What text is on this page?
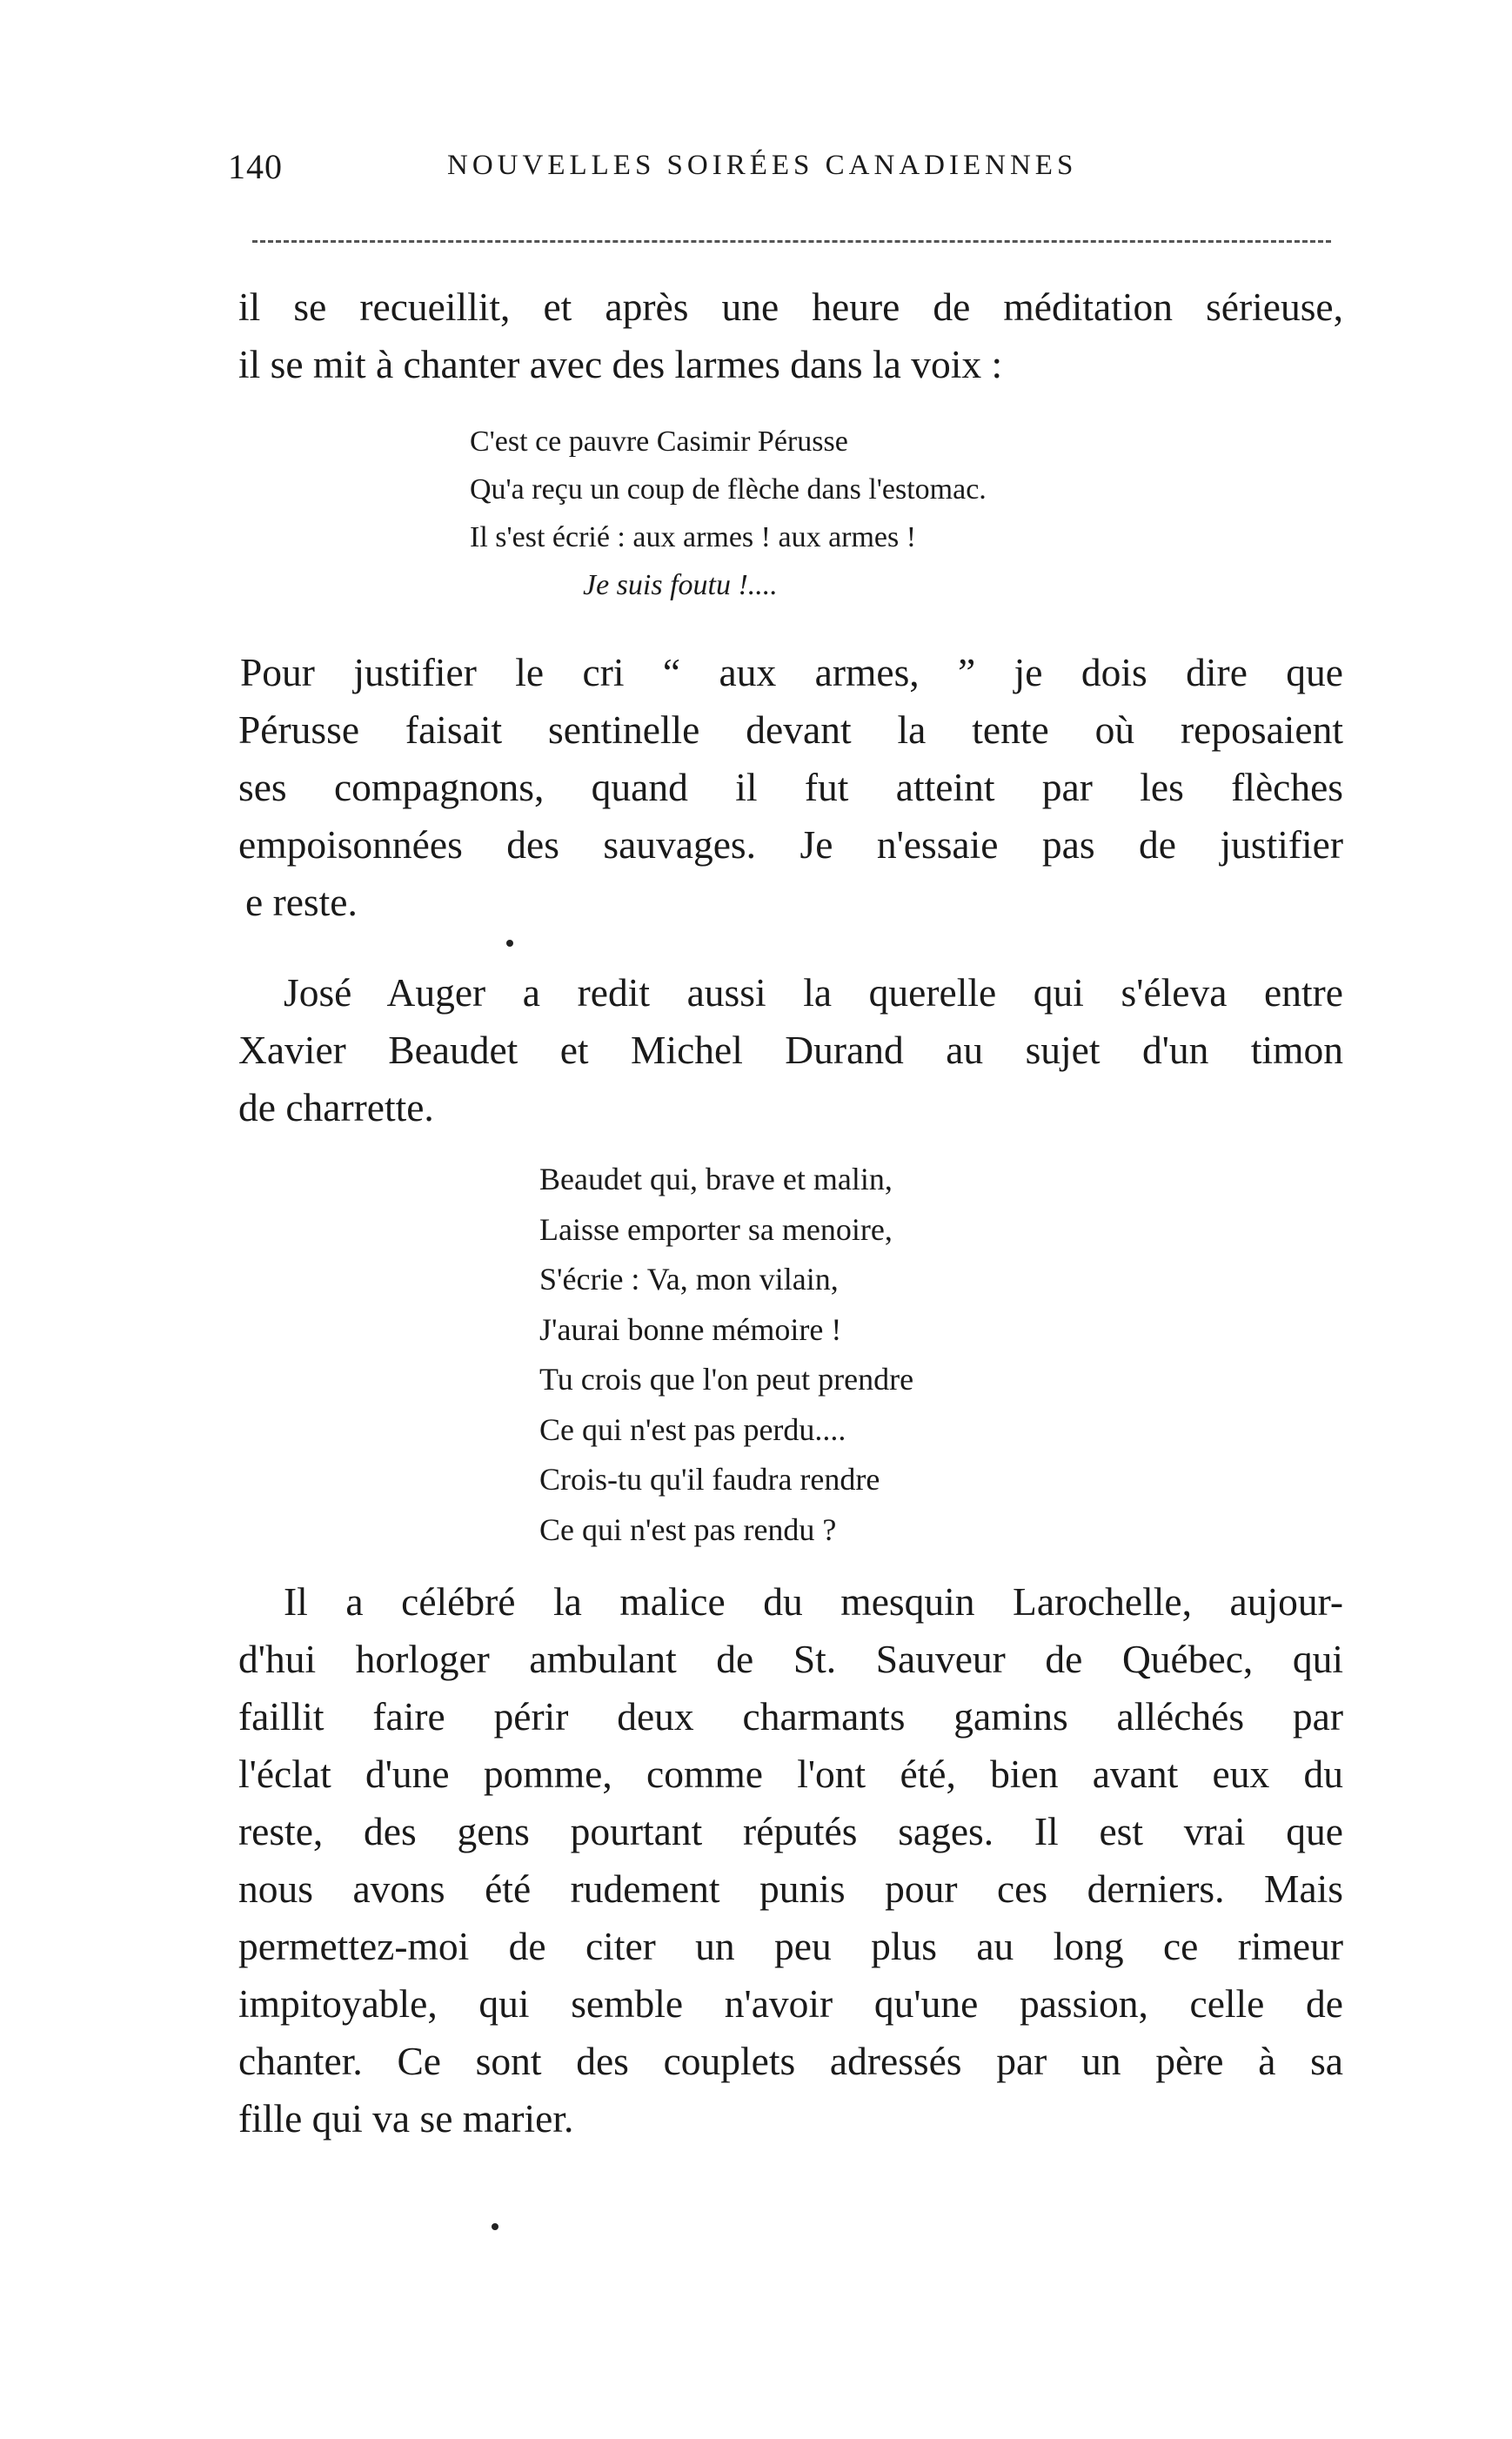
140	NOUVELLES SOIRÉES CANADIENNES
il se recueillit, et après une heure de méditation sérieuse,
il se mit à chanter avec des larmes dans la voix :
C'est ce pauvre Casimir Pérusse
Qu'a reçu un coup de flèche dans l'estomac.
Il s'est écrié : aux armes ! aux armes !
Je suis foutu !....
Pour justifier le cri “ aux armes, ” je dois dire que
Pérusse faisait sentinelle devant la tente où reposaient
ses compagnons, quand il fut atteint par les flèches
empoisonnées des sauvages. Je n'essaie pas de justifier
e reste.
José Auger a redit aussi la querelle qui s'éleva entre
Xavier Beaudet et Michel Durand au sujet d'un timon
de charrette.
Beaudet qui, brave et malin,
Laisse emporter sa menoire,
S'écrie : Va, mon vilain,
J'aurai bonne mémoire !
Tu crois que l'on peut prendre
Ce qui n'est pas perdu....
Crois-tu qu'il faudra rendre
Ce qui n'est pas rendu ?
Il a célébré la malice du mesquin Larochelle, aujour-
d'hui horloger ambulant de St. Sauveur de Québec, qui
faillit faire périr deux charmants gamins alléchés par
l'éclat d'une pomme, comme l'ont été, bien avant eux du
reste, des gens pourtant réputés sages. Il est vrai que
nous avons été rudement punis pour ces derniers. Mais
permettez-moi de citer un peu plus au long ce rimeur
impitoyable, qui semble n'avoir qu'une passion, celle de
chanter. Ce sont des couplets adressés par un père à sa
fille qui va se marier.
